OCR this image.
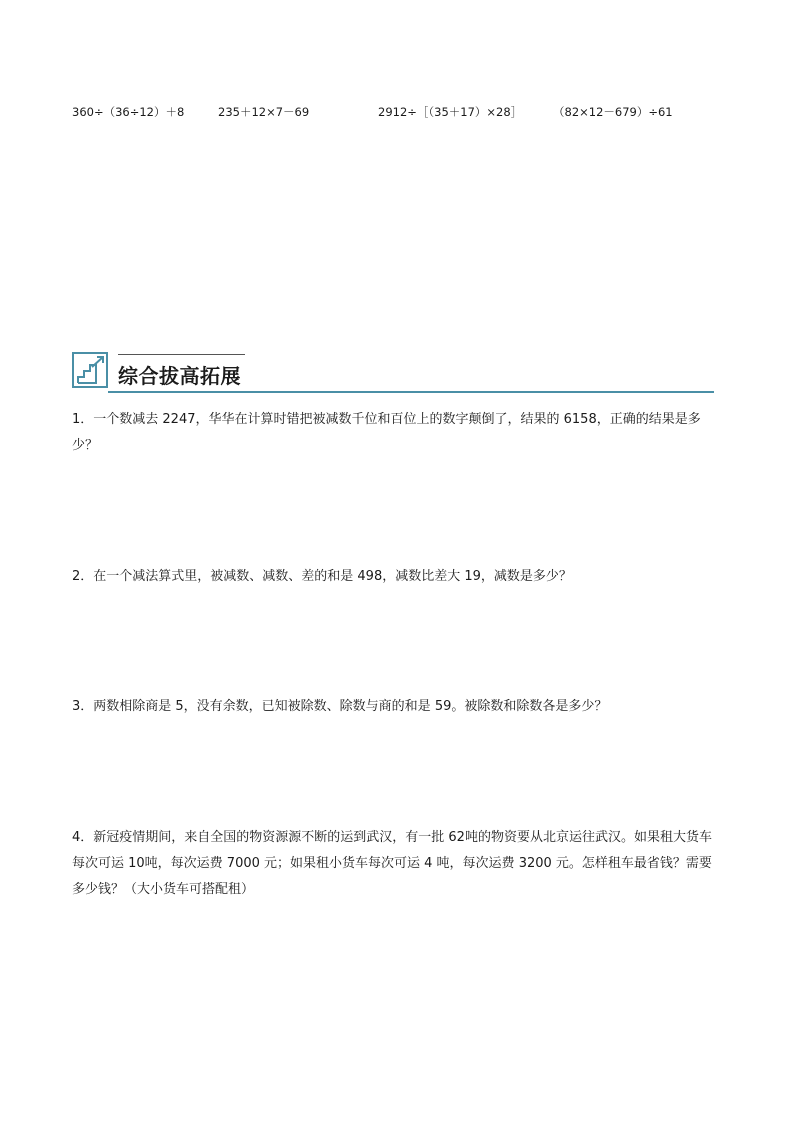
360÷（36÷12）＋8	235＋12×7－69	2912÷［（35＋17）×28］	（82×12－679）÷61
综合拔高拓展
1．一个数减去 2247，华华在计算时错把被减数千位和百位上的数字颠倒了，结果的 6158，正确的结果是多少？
2．在一个减法算式里，被减数、减数、差的和是 498，减数比差大 19，减数是多少？
3．两数相除商是 5，没有余数，已知被除数、除数与商的和是 59。被除数和除数各是多少？
4．新冠疫情期间，来自全国的物资源源不断的运到武汉，有一批 62吨的物资要从北京运往武汉。如果租大货车每次可运 10吨，每次运费 7000 元；如果租小货车每次可运 4 吨，每次运费 3200 元。怎样租车最省钱？需要多少钱？（大小货车可搭配租）
